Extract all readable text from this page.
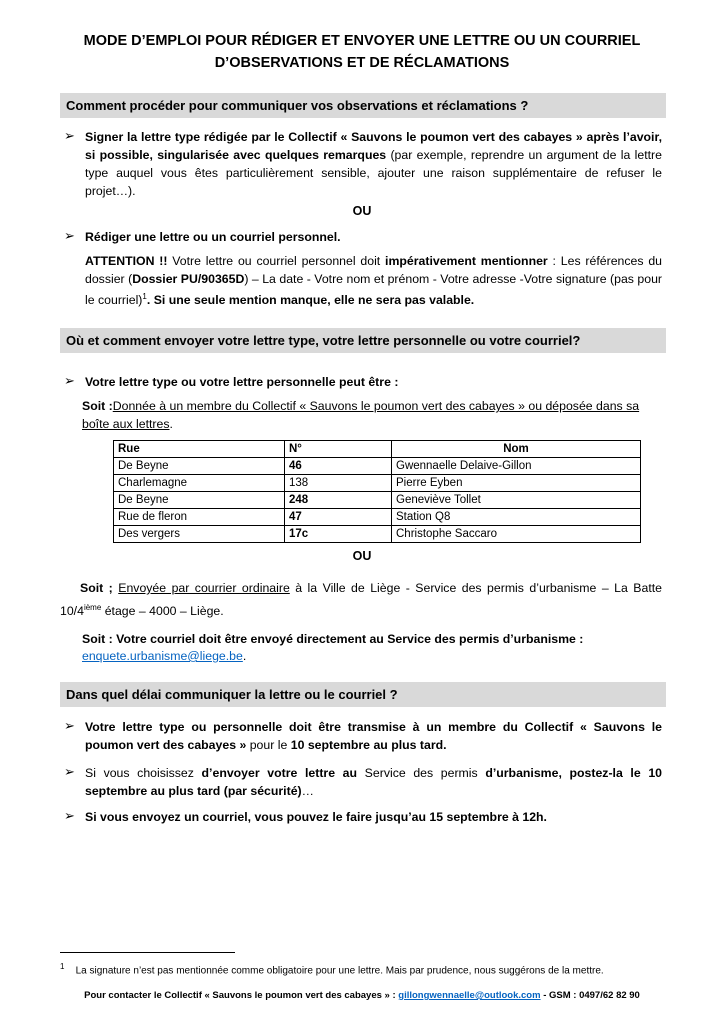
MODE D’EMPLOI POUR RÉDIGER ET ENVOYER UNE LETTRE OU UN COURRIEL
D’OBSERVATIONS ET DE RÉCLAMATIONS
Comment procéder pour communiquer vos observations et réclamations ?
➢ Signer la lettre type rédigée par le Collectif « Sauvons le poumon vert des cabayes » après l’avoir, si possible, singularisée avec quelques remarques (par exemple, reprendre un argument de la lettre type auquel vous êtes particulièrement sensible, ajouter une raison supplémentaire de refuser le projet…).
OU
➢ Rédiger une lettre ou un courriel personnel.
ATTENTION !! Votre lettre ou courriel personnel doit impérativement mentionner : Les références du dossier (Dossier PU/90365D) – La date - Votre nom et prénom - Votre adresse -Votre signature (pas pour le courriel)$^1$. Si une seule mention manque, elle ne sera pas valable.
Où et comment envoyer votre lettre type, votre lettre personnelle ou votre courriel?
➢ Votre lettre type ou votre lettre personnelle peut être :
Soit :Donnée à un membre du Collectif « Sauvons le poumon vert des cabayes » ou déposée dans sa boîte aux lettres.
Rue	N°	Nom
De Beyne	46	Gwennaelle Delaive-Gillon
Charlemagne	138	Pierre Eyben
De Beyne	248	Geneviève Tollet
Rue de fleron	47	Station Q8
Des vergers	17c	Christophe Saccaro
OU
Soit ; Envoyée par courrier ordinaire à la Ville de Liège - Service des permis d’urbanisme – La Batte 10/4ième étage – 4000 – Liège.
Soit : Votre courriel doit être envoyé directement au Service des permis d’urbanisme :
enquete.urbanisme@liege.be.
Dans quel délai communiquer la lettre ou le courriel ?
➢ Votre lettre type ou personnelle doit être transmise à un membre du Collectif « Sauvons le poumon vert des cabayes » pour le 10 septembre au plus tard.
➢ Si vous choisissez d’envoyer votre lettre au Service des permis d’urbanisme, postez-la le 10 septembre au plus tard (par sécurité)…
➢ Si vous envoyez un courriel, vous pouvez le faire jusqu’au 15 septembre à 12h.
$^1$ La signature n’est pas mentionnée comme obligatoire pour une lettre. Mais par prudence, nous suggérons de la mettre.
Pour contacter le Collectif « Sauvons le poumon vert des cabayes » : gillongwennaelle@outlook.com - GSM : 0497/62 82 90
